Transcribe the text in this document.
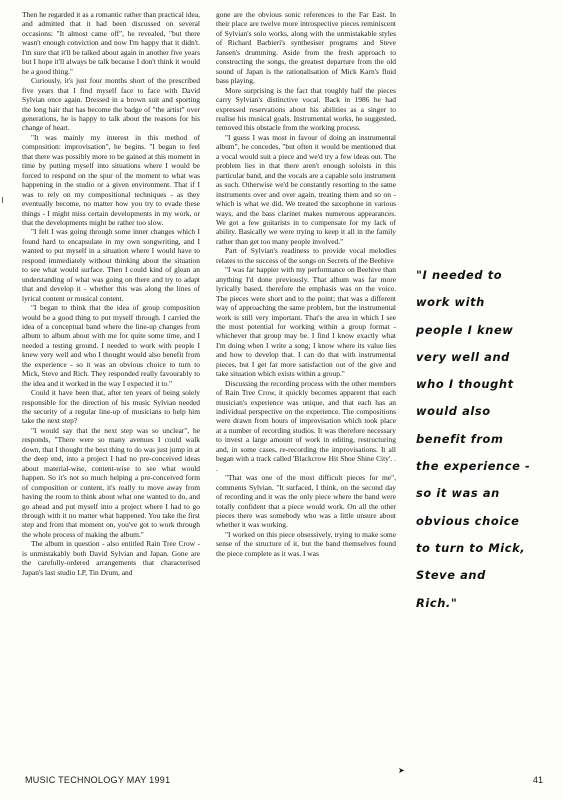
Then he regarded it as a romantic rather than practical idea, and admitted that it had been discussed on several occasions: "It almost came off", he revealed, "but there wasn't enough conviction and now I'm happy that it didn't. I'm sure that it'll be talked about again in another five years but I hope it'll always be talk because I don't think it would be a good thing."

Curiously, it's just four months short of the prescribed five years that I find myself face to face with David Sylvian once again. Dressed in a brown suit and sporting the long hair that has become the badge of "the artist" over generations, he is happy to talk about the reasons for his change of heart.

"It was mainly my interest in this method of composition: improvisation", he begins. "I began to feel that there was possibly more to be gained at this moment in time by putting myself into situations where I would be forced to respond on the spur of the moment to what was happening in the studio or a given environment. That if I was to rely on my compositional techniques - as they eventually become, no matter how you try to evade these things - I might miss certain developments in my work, or that the developments might be rather too slow.

"I felt I was going through some inner changes which I found hard to encapsulate in my own songwriting, and I wanted to put myself in a situation where I would have to respond immediately without thinking about the situation to see what would surface. Then I could kind of glean an understanding of what was going on there and try to adapt that and develop it - whether this was along the lines of lyrical content or musical content.

"I began to think that the idea of group composition would be a good thing to put myself through. I carried the idea of a conceptual band where the line-up changes from album to album about with me for quite some time, and I needed a testing ground. I needed to work with people I knew very well and who I thought would also benefit from the experience - so it was an obvious choice to turn to Mick, Steve and Rich. They responded really favourably to the idea and it worked in the way I expected it to."

Could it have been that, after ten years of being solely responsible for the direction of his music Sylvian needed the security of a regular line-up of musicians to help him take the next step?

"I would say that the next step was so unclear", he responds, "There were so many avenues I could walk down, that I thought the best thing to do was just jump in at the deep end, into a project I had no pre-conceived ideas about material-wise, content-wise to see what would happen. So it's not so much helping a pre-conceived form of composition or content, it's really to move away from having the room to think about what one wanted to do, and go ahead and put myself into a project where I had to go through with it no matter what happened. You take the first step and from that moment on, you've got to work through the whole process of making the album."

The album in question - also entitled Rain Tree Crow - is unmistakably both David Sylvian and Japan. Gone are the carefully-ordered arrangements that characterised Japan's last studio LP, Tin Drum, and

gone are the obvious sonic references to the Far East. In their place are twelve more introspective pieces reminiscent of Sylvian's solo works, along with the unmistakable styles of Richard Barbieri's synthesiser programs and Steve Jansen's drumming. Aside from the fresh approach to constructing the songs, the greatest departure from the old sound of Japan is the rationalisation of Mick Karn's fluid bass playing.

More surprising is the fact that roughly half the pieces carry Sylvian's distinctive vocal. Back in 1986 he had expressed reservations about his abilities as a singer to realise his musical goals. Instrumental works, he suggested, removed this obstacle from the working process.

"I guess I was most in favour of doing an instrumental album", he concedes, "but often it would be mentioned that a vocal would suit a piece and we'd try a few ideas out. The problem lies in that there aren't enough soloists in this particular band, and the vocals are a capable solo instrument as such. Otherwise we'd be constantly resorting to the same instruments over and over again, treating them and so on - which is what we did. We treated the saxophone in various ways, and the bass clarinet makes numerous appearances. We got a few guitarists in to compensate for my lack of ability. Basically we were trying to keep it all in the family rather than get too many people involved."

Part of Sylvian's readiness to provide vocal melodies relates to the success of the songs on Secrets of the Beehive

"I was far happier with my performance on Beehive than anything I'd done previously. That album was far more lyrically based, therefore the emphasis was on the voice. The pieces were short and to the point; that was a different way of approaching the same problem, but the instrumental work is still very important. That's the area in which I see the most potential for working within a group format - whichever that group may be. I find I know exactly what I'm doing when I write a song; I know where its value lies and how to develop that. I can do that with instrumental pieces, but I get far more satisfaction out of the give and take situation which exists within a group."

Discussing the recording process with the other members of Rain Tree Crow, it quickly becomes apparent that each musician's experience was unique, and that each has an individual perspective on the experience. The compositions were drawn from hours of improvisation which took place at a number of recording studios. It was therefore necessary to invest a large amount of work in editing, restructuring and, in some cases, re-recording the improvisations. It all began with a track called 'Blackcrow Hit Shoe Shine City'. . .

"That was one of the most difficult pieces for me", comments Sylvian. "It surfaced, I think, on the second day of recording and it was the only piece where the band were totally confident that a piece would work. On all the other pieces there was somebody who was a little unsure about whether it was working.

"I worked on this piece obsessively, trying to make some sense of the structure of it, but the band themselves found the piece complete as it was. I was

"I needed to
work with
people I knew
very well and
who I thought
would also
benefit from
the experience -
so it was an
obvious choice
to turn to Mick,
Steve and
Rich."
➤
MUSIC TECHNOLOGY MAY 1991	41
